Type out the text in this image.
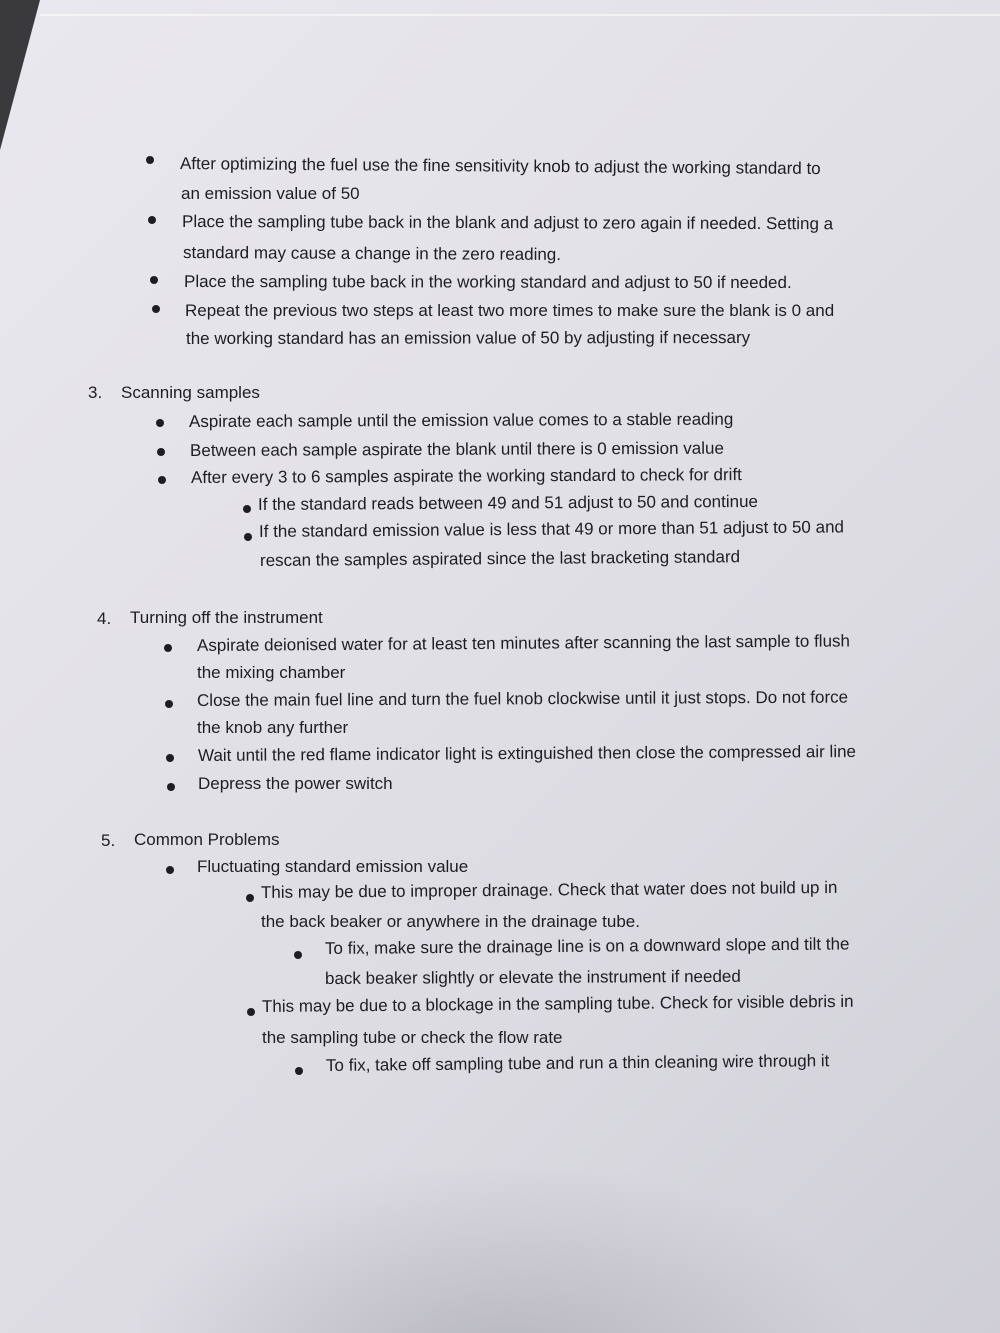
After optimizing the fuel use the fine sensitivity knob to adjust the working standard to
an emission value of 50
Place the sampling tube back in the blank and adjust to zero again if needed. Setting a
standard may cause a change in the zero reading.
Place the sampling tube back in the working standard and adjust to 50 if needed.
Repeat the previous two steps at least two more times to make sure the blank is 0 and
the working standard has an emission value of 50 by adjusting if necessary
3. Scanning samples
Aspirate each sample until the emission value comes to a stable reading
Between each sample aspirate the blank until there is 0 emission value
After every 3 to 6 samples aspirate the working standard to check for drift
If the standard reads between 49 and 51 adjust to 50 and continue
If the standard emission value is less that 49 or more than 51 adjust to 50 and
rescan the samples aspirated since the last bracketing standard
4. Turning off the instrument
Aspirate deionised water for at least ten minutes after scanning the last sample to flush
the mixing chamber
Close the main fuel line and turn the fuel knob clockwise until it just stops. Do not force
the knob any further
Wait until the red flame indicator light is extinguished then close the compressed air line
Depress the power switch
5. Common Problems
Fluctuating standard emission value
This may be due to improper drainage. Check that water does not build up in
the back beaker or anywhere in the drainage tube.
To fix, make sure the drainage line is on a downward slope and tilt the
back beaker slightly or elevate the instrument if needed
This may be due to a blockage in the sampling tube. Check for visible debris in
the sampling tube or check the flow rate
To fix, take off sampling tube and run a thin cleaning wire through it
